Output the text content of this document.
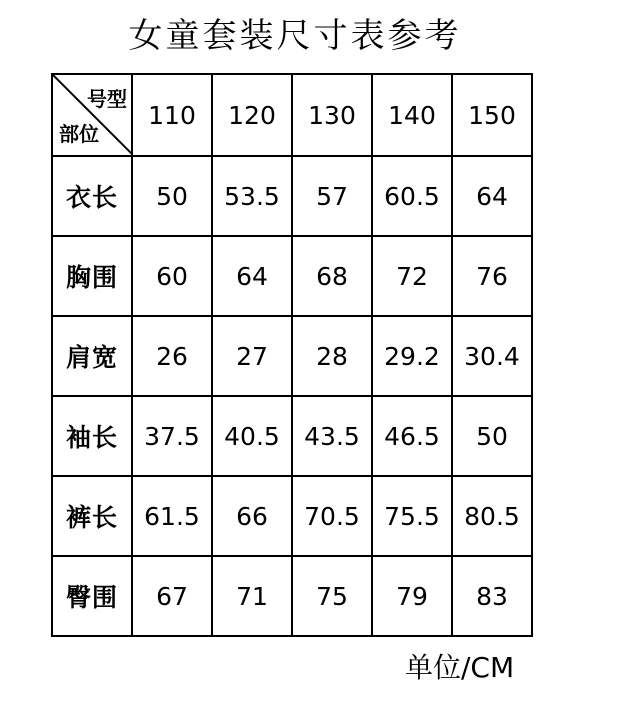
女童套装尺寸表参考
号型
部位	110	120	130	140	150
衣长	50	53.5	57	60.5	64
胸围	60	64	68	72	76
肩宽	26	27	28	29.2	30.4
袖长	37.5	40.5	43.5	46.5	50
裤长	61.5	66	70.5	75.5	80.5
臀围	67	71	75	79	83
单位/CM
